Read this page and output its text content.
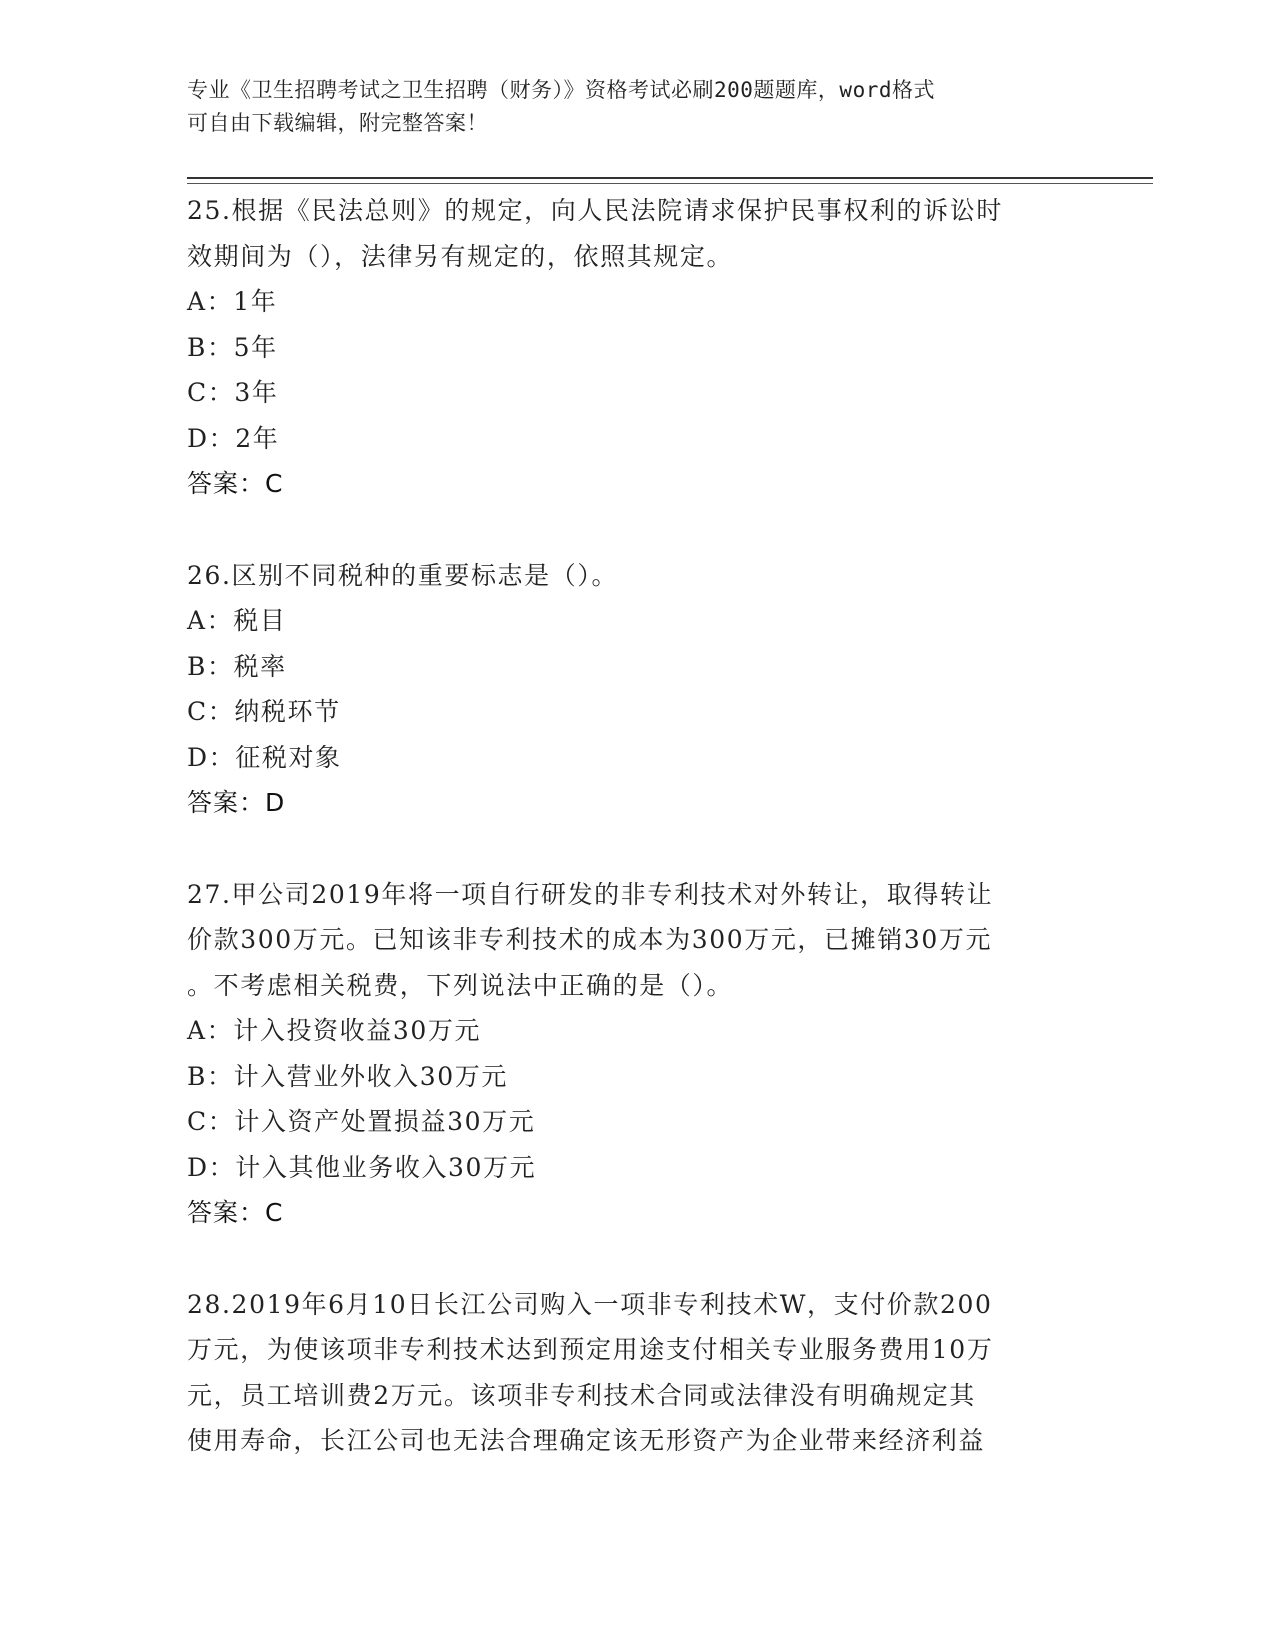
专业《卫生招聘考试之卫生招聘（财务）》资格考试必刷200题题库，word格式
可自由下载编辑，附完整答案！
25.根据《民法总则》的规定，向人民法院请求保护民事权利的诉讼时
效期间为（），法律另有规定的，依照其规定。
A：1年
B：5年
C：3年
D：2年
答案：C
26.区别不同税种的重要标志是（）。
A：税目
B：税率
C：纳税环节
D：征税对象
答案：D
27.甲公司2019年将一项自行研发的非专利技术对外转让，取得转让
价款300万元。已知该非专利技术的成本为300万元，已摊销30万元
。不考虑相关税费，下列说法中正确的是（）。
A：计入投资收益30万元
B：计入营业外收入30万元
C：计入资产处置损益30万元
D：计入其他业务收入30万元
答案：C
28.2019年6月10日长江公司购入一项非专利技术W，支付价款200
万元，为使该项非专利技术达到预定用途支付相关专业服务费用10万
元，员工培训费2万元。该项非专利技术合同或法律没有明确规定其
使用寿命，长江公司也无法合理确定该无形资产为企业带来经济利益
